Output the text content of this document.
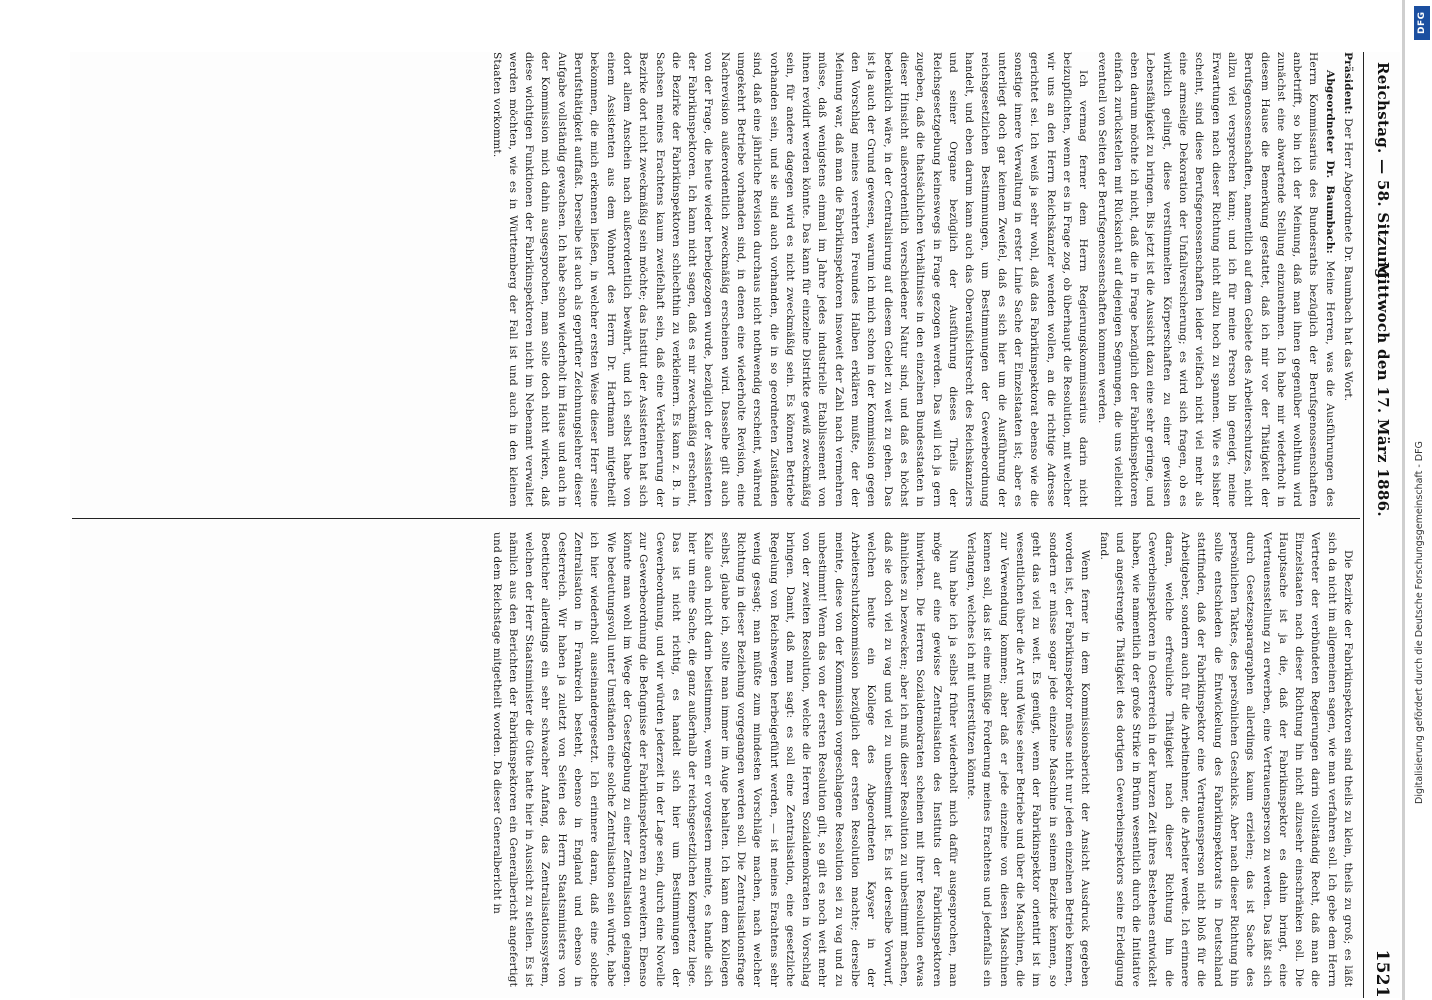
Reichstag. — 58. Sitzung.
Mittwoch den 17. März 1886.
1521

Präsident: Der Herr Abgeordnete Dr. Baumbach hat das Wort.

Abgeordneter Dr. Baumbach: Meine Herren, was die Ausführungen des Herrn Kommissarius des Bundesraths bezüglich der Berufsgenossenschaften anbetrifft, so bin ich der Meinung, daß man ihnen gegenüber wohlthun wird zunächst eine abwartende Stellung einzunehmen. Ich habe mir wiederholt in diesem Hause die Bemerkung gestattet, daß ich mir vor der Thätigkeit der Berufsgenossenschaften, namentlich auf dem Gebiete des Arbeiterschutzes, nicht allzu viel versprechen kann; und ich für meine Person bin geneigt, meine Erwartungen nach dieser Richtung nicht allzu hoch zu spannen. Wie es bisher scheint, sind diese Berufsgenossenschaften leider vielfach nicht viel mehr als eine armselige Dekoration der Unfallversicherung; es wird sich fragen, ob es wirklich gelingt, diese verstümmelten Körperschaften zu einer gewissen Lebensfähigkeit zu bringen. Bis jetzt ist die Aussicht dazu eine sehr geringe, und eben darum möchte ich nicht, daß die in Frage bezüglich der Fabrikinspektoren einfach zurückstellen mit Rücksicht auf diejenigen Segnungen, die uns vielleicht eventuell von Seiten der Berufsgenossenschaften kommen werden.

Ich vermag ferner dem Herrn Regierungskommissarius darin nicht beizupflichten, wenn er es in Frage zog, ob überhaupt die Resolution, mit welcher wir uns an den Herrn Reichskanzler wenden wollen, an die richtige Adresse gerichtet sei. Ich weiß ja sehr wohl, daß das Fabrikinspektorat ebenso wie die sonstige innere Verwaltung in erster Linie Sache der Einzelstaaten ist; aber es unterliegt doch gar keinem Zweifel, daß es sich hier um die Ausführung der reichsgesetzlichen Bestimmungen, um Bestimmungen der Gewerbeordnung handelt, und eben darum kann auch das Oberaufsichtsrecht des Reichskanzlers und seiner Organe bezüglich der Ausführung dieses Theils der Reichsgesetzgebung keineswegs in Frage gezogen werden. Das will ich ja gern zugeben, daß die thatsächlichen Verhältnisse in den einzelnen Bundesstaaten in dieser Hinsicht außerordentlich verschiedener Natur sind, und daß es höchst bedenklich wäre, in der Centralisirung auf diesem Gebiet zu weit zu gehen. Das ist ja auch der Grund gewesen, warum ich mich schon in der Kommission gegen den Vorschlag meines verehrten Freundes Halben erklären mußte, der der Meinung war, daß man die Fabrikinspektoren insoweit der Zahl nach vermehren müsse, daß wenigstens einmal im Jahre jedes industrielle Etablissement von ihnen revidirt werden könnte. Das kann für einzelne Distrikte gewiß zweckmäßig sein, für andere dagegen wird es nicht zweckmäßig sein. Es können Betriebe vorhanden sein, und sie sind auch vorhanden, die in so geordneten Zuständen sind, daß eine jährliche Revision durchaus nicht nothwendig erscheint, während umgekehrt Betriebe vorhanden sind, in denen eine wiederholte Revision, eine Nachrevision außerordentlich zweckmäßig erscheinen wird. Dasselbe gilt auch von der Frage, die heute wieder herbeigezogen wurde, bezüglich der Assistenten der Fabrikinspektoren. Ich kann nicht sagen, daß es mir zweckmäßig erscheint, die Bezirke der Fabrikinspektoren schlechthin zu verkleinern. Es kann z. B. in Sachsen meines Erachtens kaum zweifelhaft sein, daß eine Verkleinerung der Bezirke dort nicht zweckmäßig sein möchte; das Institut der Assistenten hat sich dort allem Anschein nach außerordentlich bewährt, und ich selbst habe von einem Assistenten aus dem Wohnort des Herrn Dr. Hartmann mitgetheilt bekommen, die mich erkennen ließen, in welcher ersten Weise dieser Herr seine Berufsthätigkeit auffaßt. Derselbe ist auch als geprüfter Zeichnungslehrer dieser Aufgabe vollständig gewachsen. Ich habe schon wiederholt im Hause und auch in der Kommission mich dahin ausgesprochen, man solle doch nicht wirken, daß diese wichtigen Funktionen der Fabrikinspektoren nicht im Nebenamt verwaltet werden möchten, wie es in Württemberg der Fall ist und auch in den kleinen Staaten vorkommt.

Die Bezirke der Fabrikinspektoren sind theils zu klein, theils zu groß; es läßt sich da nicht im allgemeinen sagen, wie man verfahren soll. Ich gebe dem Herrn Vertreter der verbündeten Regierungen darin vollständig Recht, daß man die Einzelstaaten nach dieser Richtung hin nicht allzusehr einschränken soll. Die Hauptsache ist ja die, daß der Fabrikinspektor es dahin bringt, eine Vertrauensstellung zu erwerben, eine Vertrauensperson zu werden. Das läßt sich durch Gesetzesparagraphen allerdings kaum erzielen; das ist Sache des persönlichen Taktes, des persönlichen Geschicks. Aber nach dieser Richtung hin sollte entschieden die Entwickelung des Fabrikinspektorats in Deutschland stattfinden, daß der Fabrikinspektor eine Vertrauensperson nicht bloß für die Arbeitgeber, sondern auch für die Arbeitnehmer, die Arbeiter werde. Ich erinnere daran, welche erfreuliche Thätigkeit nach dieser Richtung hin die Gewerbeinspektoren in Oesterreich in der kurzen Zeit ihres Bestehens entwickelt haben, wie namentlich der große Strike in Brünn wesentlich durch die Initiative und angestrengte Thätigkeit des dortigen Gewerbeinspektors seine Erledigung fand.

Wenn ferner in dem Kommissionsbericht der Ansicht Ausdruck gegeben worden ist, der Fabrikinspektor müsse nicht nur jeden einzelnen Betrieb kennen, sondern er müsse sogar jede einzelne Maschine in seinem Bezirke kennen, so geht das viel zu weit. Es genügt, wenn der Fabrikinspektor orientirt ist im wesentlichen über die Art und Weise seiner Betriebe und über die Maschinen, die zur Verwendung kommen; aber daß er jede einzelne von diesen Maschinen kennen soll, das ist eine müßige Forderung meines Erachtens und jedenfalls ein Verlangen, welches ich mit unterstützen könnte.

Nun habe ich ja selbst früher wiederholt mich dafür ausgesprochen, man möge auf eine gewisse Zentralisation des Instituts der Fabrikinspektoren hinwirken. Die Herren Sozialdemokraten scheinen mit ihrer Resolution etwas ähnliches zu bezwecken; aber ich muß dieser Resolution zu unbestimmt machen, daß sie doch viel zu vag und viel zu unbestimmt ist. Es ist derselbe Vorwurf, welchen heute ein Kollege des Abgeordneten Kayser in der Arbeiterschutzkommission bezüglich der ersten Resolution machte; derselbe meinte, diese von der Kommission vorgeschlagene Resolution sei zu vag und zu unbestimmt! Wenn das von der ersten Resolution gilt, so gilt es noch weit mehr von der zweiten Resolution, welche die Herren Sozialdemokraten in Vorschlag bringen. Damit, daß man sagt: es soll eine Zentralisation, eine gesetzliche Regelung von Reichswegen herbeigeführt werden, — ist meines Erachtens sehr wenig gesagt; man müßte zum mindesten Vorschläge machen, nach welcher Richtung in dieser Beziehung vorgegangen werden soll. Die Zentralisationsfrage selbst, glaube ich, sollte man immer im Auge behalten. Ich kann dem Kollegen Kalle auch nicht darin beistimmen, wenn er vorgestern meinte, es handle sich hier um eine Sache, die ganz außerhalb der reichsgesetzlichen Kompetenz liege. Das ist nicht richtig, es handelt sich hier um Bestimmungen der Gewerbeordnung, und wir würden jederzeit in der Lage sein, durch eine Novelle zur Gewerbeordnung die Befugnisse der Fabrikinspektoren zu erweitern. Ebenso könnte man wohl im Wege der Gesetzgebung zu einer Zentralisation gelangen. Wie bedeutungsvoll unter Umständen eine solche Zentralisation sein würde, habe ich hier wiederholt auseinandergesetzt. Ich erinnere daran, daß eine solche Zentralisation in Frankreich besteht, ebenso in England und ebenso in Oesterreich. Wir haben ja zuletzt von Seiten des Herrn Staatsministers von Boetticher allerdings ein sehr schwacher Anfang, das Zentralisationssystem, welchen der Herr Staatsminister die Güte hatte hier in Aussicht zu stellen. Es ist nämlich aus den Berichten der Fabrikinspektoren ein Generalbericht angefertigt und dem Reichstage mitgetheilt worden. Da dieser Generalbericht in

DFG
Digitalisierung gefördert durch die Deutsche Forschungsgemeinschaft - DFG
